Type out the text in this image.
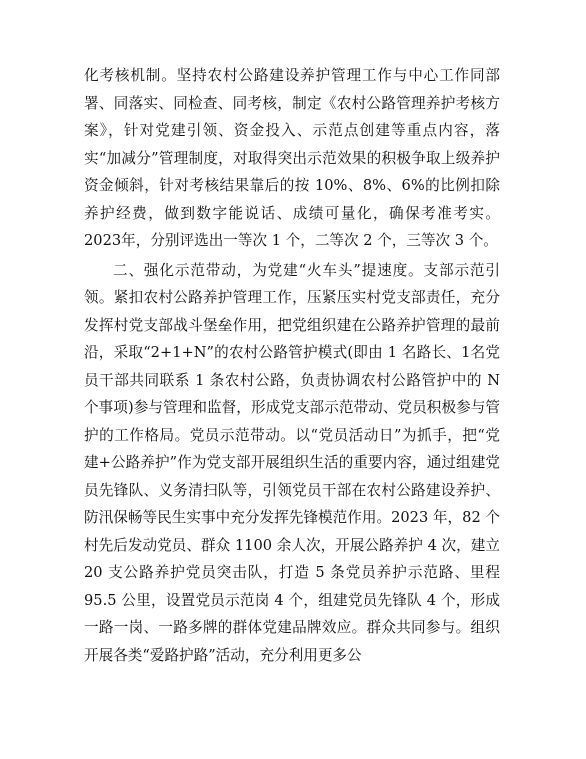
化考核机制。坚持农村公路建设养护管理工作与中心工作同部署、同落实、同检查、同考核，制定《农村公路管理养护考核方案》，针对党建引领、资金投入、示范点创建等重点内容，落实“加减分”管理制度，对取得突出示范效果的积极争取上级养护资金倾斜，针对考核结果靠后的按 10%、8%、6%的比例扣除养护经费，做到数字能说话、成绩可量化，确保考准考实。2023年，分别评选出一等次 1 个，二等次 2 个，三等次 3 个。

二、强化示范带动，为党建“火车头”提速度。支部示范引领。紧扣农村公路养护管理工作，压紧压实村党支部责任，充分发挥村党支部战斗堡垒作用，把党组织建在公路养护管理的最前沿，采取“2+1+N”的农村公路管护模式(即由 1 名路长、1名党员干部共同联系 1 条农村公路，负责协调农村公路管护中的 N 个事项)参与管理和监督，形成党支部示范带动、党员积极参与管护的工作格局。党员示范带动。以“党员活动日”为抓手，把“党建+公路养护”作为党支部开展组织生活的重要内容，通过组建党员先锋队、义务清扫队等，引领党员干部在农村公路建设养护、防汛保畅等民生实事中充分发挥先锋模范作用。2023 年，82 个村先后发动党员、群众 1100 余人次，开展公路养护 4 次，建立 20 支公路养护党员突击队，打造 5 条党员养护示范路、里程 95.5 公里，设置党员示范岗 4 个，组建党员先锋队 4 个，形成一路一岗、一路多牌的群体党建品牌效应。群众共同参与。组织开展各类“爱路护路”活动，充分利用更多公
